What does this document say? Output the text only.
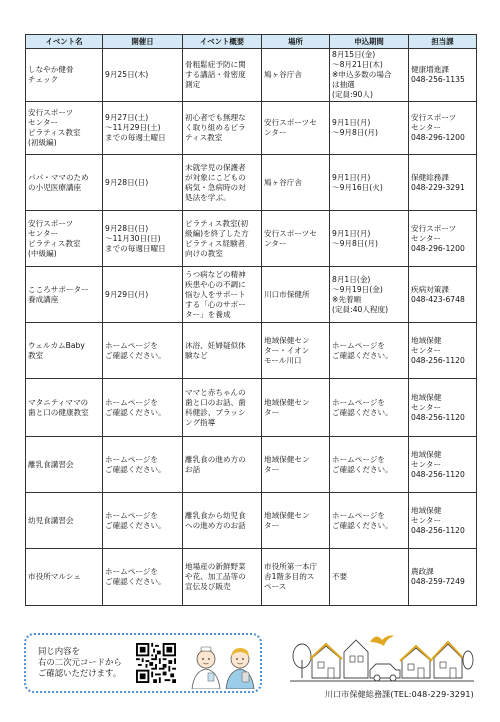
イベント名	開催日	イベント概要	場所	申込期間	担当課

しなやか健骨
チェック	9月25日(木)	骨粗鬆症予防に関
する講話・骨密度
測定	鳩ヶ谷庁舎	8月15日(金)
～8月21日(木)
※申込多数の場合
は抽選
(定員:90人)	健康増進課
048-256-1135

安行スポーツ
センター
ピラティス教室
(初級編)	9月27日(土)
～11月29日(土)
までの毎週土曜日	初心者でも無理な
く取り組めるピラ
ティス教室	安行スポーツセ
ンター	9月1日(月)
～9月8日(月)	安行スポーツ
センター
048-296-1200

パパ・ママのため
の小児医療講座	9月28日(日)	未就学児の保護者
が対象にこどもの
病気・急病時の対
処法を学ぶ。	鳩ヶ谷庁舎	9月1日(月)
～9月16日(火)	保健総務課
048-229-3291

安行スポーツ
センター
ピラティス教室
(中級編)	9月28日(日)
～11月30日(日)
までの毎週日曜日	ピラティス教室(初
級編)を終了した方
ピラティス経験者
向けの教室	安行スポーツセ
ンター	9月1日(月)
～9月8日(月)	安行スポーツ
センター
048-296-1200

こころサポーター
養成講座	9月29日(月)	うつ病などの精神
疾患や心の不調に
悩む人をサポート
する「心のサポー
ター」を養成	川口市保健所	8月1日(金)
～9月19日(金)
※先着順
(定員:40人程度)	疾病対策課
048-423-6748

ウェルカムBaby
教室	ホームページを
ご確認ください。	沐浴、妊婦疑似体
験など	地域保健セン
ター・イオン
モール川口	ホームページを
ご確認ください。	地域保健
センター
048-256-1120

マタニティママの
歯と口の健康教室	ホームページを
ご確認ください。	ママと赤ちゃんの
歯と口のお話、歯
科健診、ブラッシ
ング指導	地域保健セン
ター	ホームページを
ご確認ください。	地域保健
センター
048-256-1120

離乳食講習会	ホームページを
ご確認ください。	離乳食の進め方の
お話	地域保健セン
ター	ホームページを
ご確認ください。	地域保健
センター
048-256-1120

幼児食講習会	ホームページを
ご確認ください。	離乳食から幼児食
への進め方のお話	地域保健セン
ター	ホームページを
ご確認ください。	地域保健
センター
048-256-1120

市役所マルシェ	ホームページを
ご確認ください。	地場産の新鮮野菜
や花、加工品等の
宣伝及び販売	市役所第一本庁
舎1階多目的ス
ペース	不要	農政課
048-259-7249
同じ内容を
右の二次元コードから
ご確認いただけます。
川口市保健総務課(TEL:048-229-3291)
